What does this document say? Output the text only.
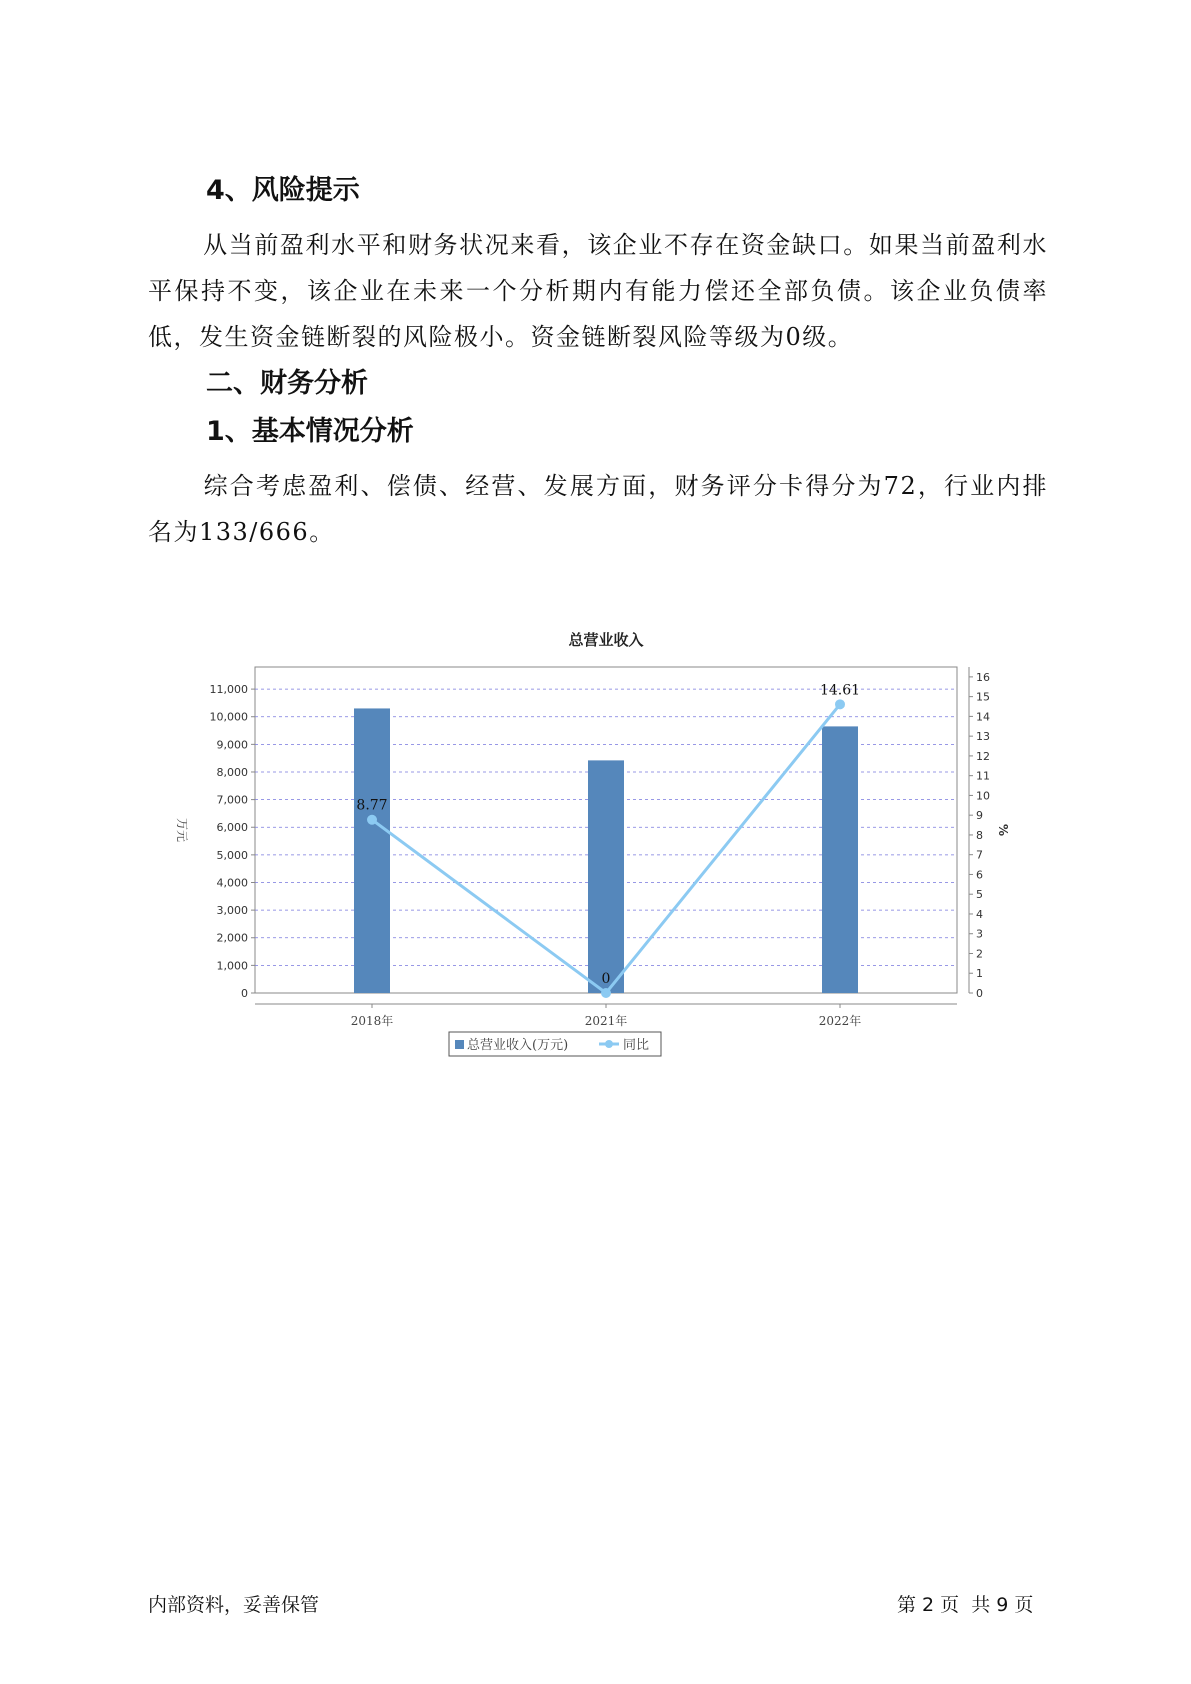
4、风险提示

从当前盈利水平和财务状况来看，该企业不存在资金缺口。如果当前盈利水平保持不变，该企业在未来一个分析期内有能力偿还全部负债。该企业负债率低，发生资金链断裂的风险极小。资金链断裂风险等级为0级。

二、财务分析
1、基本情况分析

综合考虑盈利、偿债、经营、发展方面，财务评分卡得分为72，行业内排名为133/666。

总营业收入
0
1,000
2,000
3,000
4,000
5,000
6,000
7,000
8,000
9,000
10,000
11,000
0
1
2
3
4
5
6
7
8
9
10
11
12
13
14
15
16
2018年	2021年	2022年
万元	%
8.77
0
14.61
总营业收入(万元)	同比
内部资料，妥善保管	第 2 页  共 9 页
